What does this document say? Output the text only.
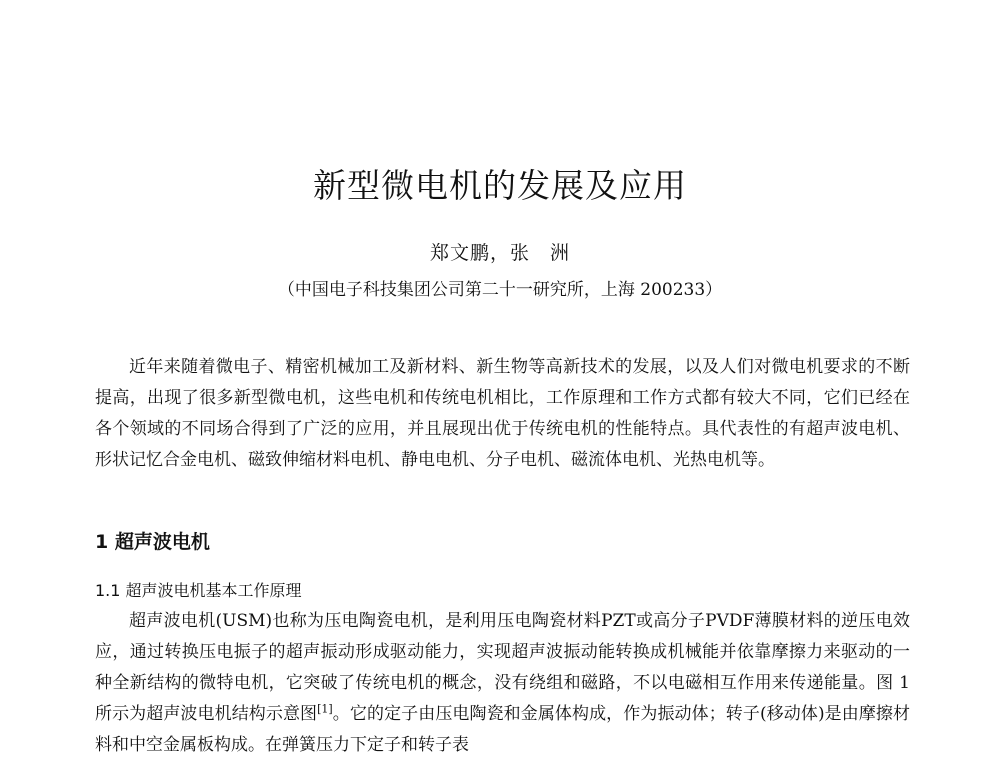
新型微电机的发展及应用
郑文鹏，张　洲
（中国电子科技集团公司第二十一研究所，上海 200233）

近年来随着微电子、精密机械加工及新材料、新生物等高新技术的发展，以及人们对微电机要求的不断提高，出现了很多新型微电机，这些电机和传统电机相比，工作原理和工作方式都有较大不同，它们已经在各个领域的不同场合得到了广泛的应用，并且展现出优于传统电机的性能特点。具代表性的有超声波电机、形状记忆合金电机、磁致伸缩材料电机、静电电机、分子电机、磁流体电机、光热电机等。

1 超声波电机
1.1 超声波电机基本工作原理

超声波电机(USM)也称为压电陶瓷电机，是利用压电陶瓷材料PZT或高分子PVDF薄膜材料的逆压电效应，通过转换压电振子的超声振动形成驱动能力，实现超声波振动能转换成机械能并依靠摩擦力来驱动的一种全新结构的微特电机，它突破了传统电机的概念，没有绕组和磁路，不以电磁相互作用来传递能量。图 1 所示为超声波电机结构示意图[1]。它的定子由压电陶瓷和金属体构成，作为振动体；转子(移动体)是由摩擦材料和中空金属板构成。在弹簧压力下定子和转子表
